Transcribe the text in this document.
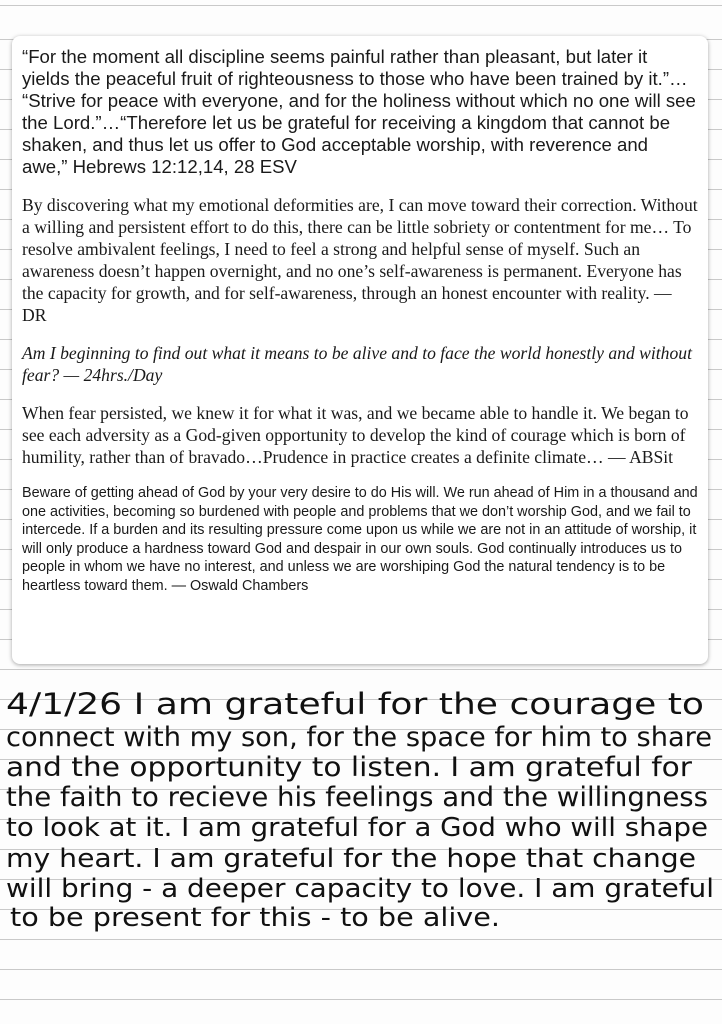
“For the moment all discipline seems painful rather than pleasant, but later it yields the peaceful fruit of righteousness to those who have been trained by it.”… “Strive for peace with everyone, and for the holiness without which no one will see the Lord.”…“Therefore let us be grateful for receiving a kingdom that cannot be shaken, and thus let us offer to God acceptable worship, with reverence and awe,” Hebrews 12:12,14, 28 ESV

By discovering what my emotional deformities are, I can move toward their correction. Without a willing and persistent effort to do this, there can be little sobriety or contentment for me… To resolve ambivalent feelings, I need to feel a strong and helpful sense of myself. Such an awareness doesn’t happen overnight, and no one’s self-awareness is permanent. Everyone has the capacity for growth, and for self-awareness, through an honest encounter with reality. — DR

Am I beginning to find out what it means to be alive and to face the world honestly and without fear? — 24hrs./Day

When fear persisted, we knew it for what it was, and we became able to handle it. We began to see each adversity as a God-given opportunity to develop the kind of courage which is born of humility, rather than of bravado…Prudence in practice creates a definite climate… — ABSit

Beware of getting ahead of God by your very desire to do His will. We run ahead of Him in a thousand and one activities, becoming so burdened with people and problems that we don’t worship God, and we fail to intercede. If a burden and its resulting pressure come upon us while we are not in an attitude of worship, it will only produce a hardness toward God and despair in our own souls. God continually introduces us to people in whom we have no interest, and unless we are worshiping God the natural tendency is to be heartless toward them. — Oswald Chambers

4/1/26 I am grateful for the courage to
connect with my son, for the space for him to share
and the opportunity to listen. I am grateful for
the faith to recieve his feelings and the willingness
to look at it. I am grateful for a God who will shape
my heart. I am grateful for the hope that change
will bring - a deeper capacity to love. I am grateful
to be present for this - to be alive.
